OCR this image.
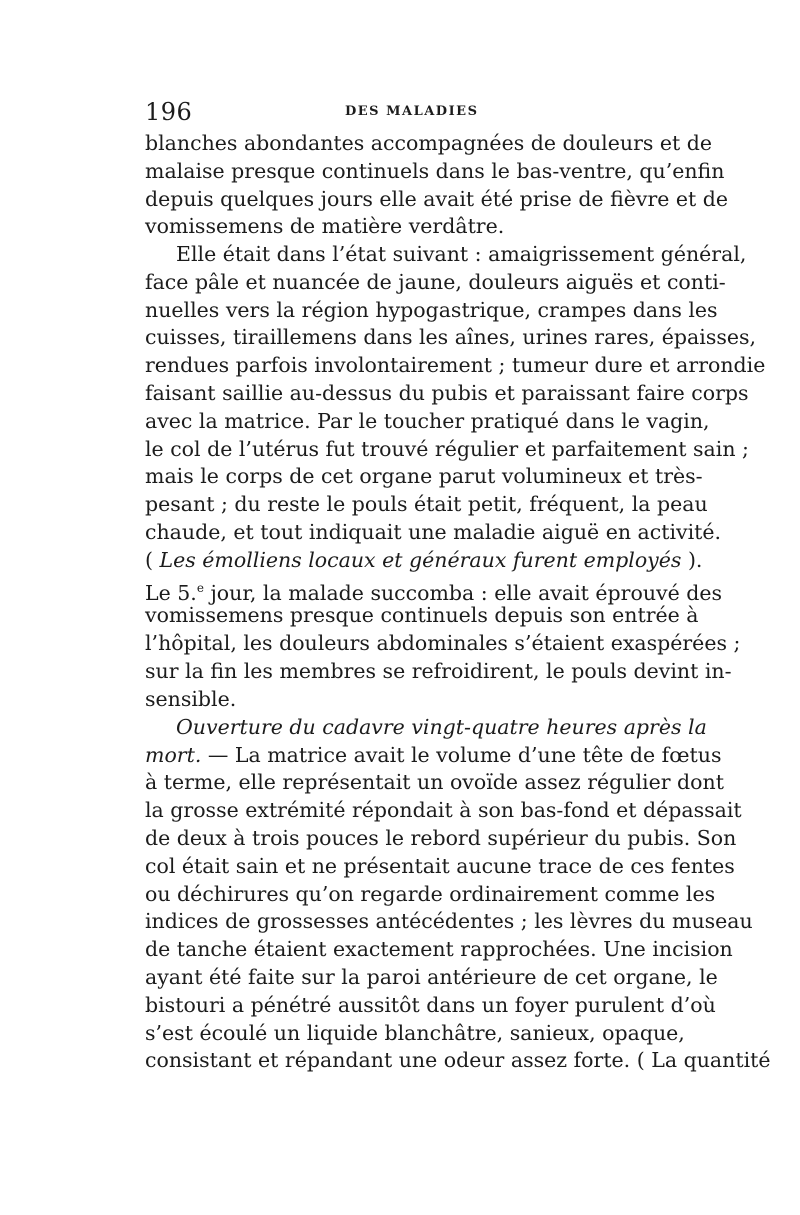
196	DES MALADIES
blanches abondantes accompagnées de douleurs et de
malaise presque continuels dans le bas-ventre, qu’enfin
depuis quelques jours elle avait été prise de fièvre et de
vomissemens de matière verdâtre.
Elle était dans l’état suivant : amaigrissement général,
face pâle et nuancée de jaune, douleurs aiguës et conti-
nuelles vers la région hypogastrique, crampes dans les
cuisses, tiraillemens dans les aînes, urines rares, épaisses,
rendues parfois involontairement ; tumeur dure et arrondie
faisant saillie au-dessus du pubis et paraissant faire corps
avec la matrice. Par le toucher pratiqué dans le vagin,
le col de l’utérus fut trouvé régulier et parfaitement sain ;
mais le corps de cet organe parut volumineux et très-
pesant ; du reste le pouls était petit, fréquent, la peau
chaude, et tout indiquait une maladie aiguë en activité.
( Les émolliens locaux et généraux furent employés ).
Le 5.$^e$ jour, la malade succomba : elle avait éprouvé des
vomissemens presque continuels depuis son entrée à
l’hôpital, les douleurs abdominales s’étaient exaspérées ;
sur la fin les membres se refroidirent, le pouls devint in-
sensible.
Ouverture du cadavre vingt-quatre heures après la
mort. — La matrice avait le volume d’une tête de fœtus
à terme, elle représentait un ovoïde assez régulier dont
la grosse extrémité répondait à son bas-fond et dépassait
de deux à trois pouces le rebord supérieur du pubis. Son
col était sain et ne présentait aucune trace de ces fentes
ou déchirures qu’on regarde ordinairement comme les
indices de grossesses antécédentes ; les lèvres du museau
de tanche étaient exactement rapprochées. Une incision
ayant été faite sur la paroi antérieure de cet organe, le
bistouri a pénétré aussitôt dans un foyer purulent d’où
s’est écoulé un liquide blanchâtre, sanieux, opaque,
consistant et répandant une odeur assez forte. ( La quantité
